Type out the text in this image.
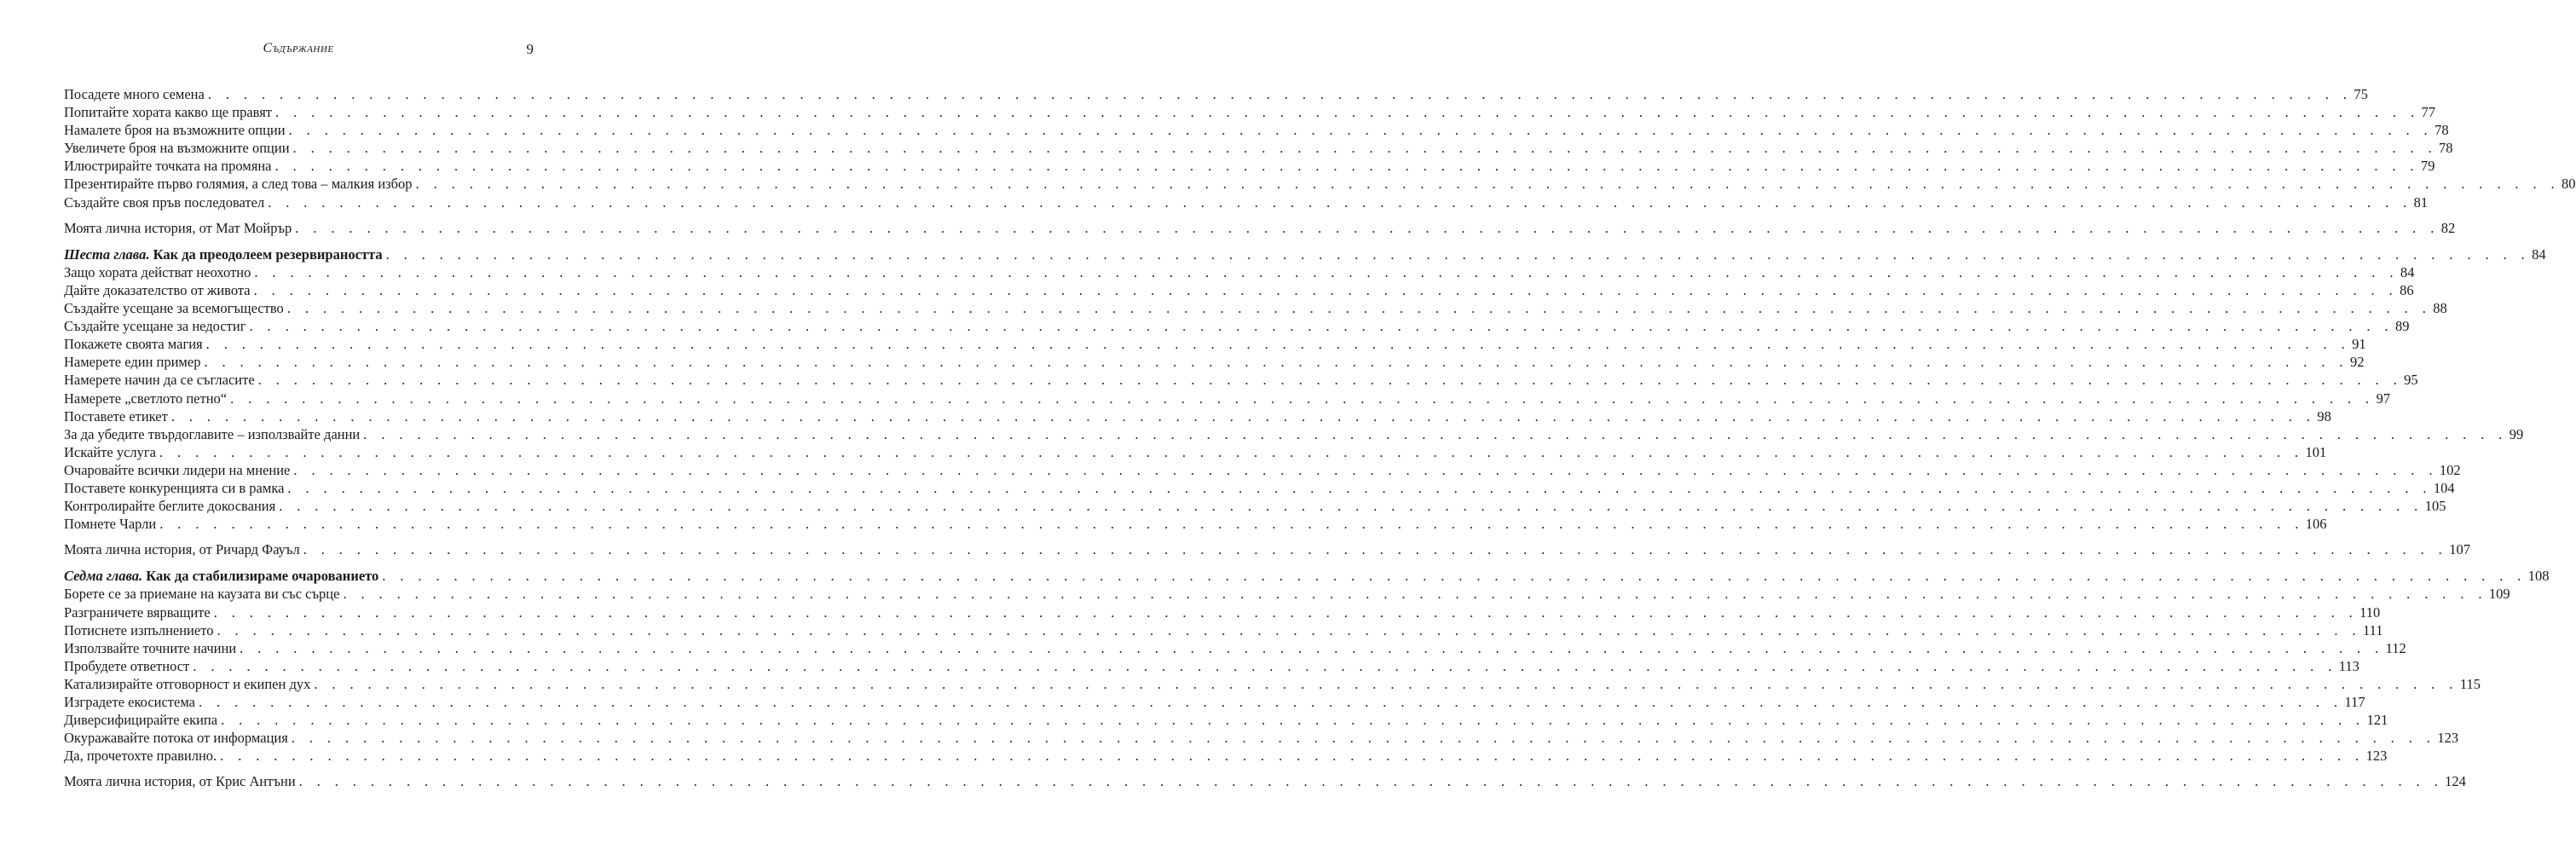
Съдържание	9
Посадете много семена . . . . . . . . . . . . . . . . . . . . . . . . . . . . . . . . . . . . . . . . . . . . . . . . . . . . . . . . . . . . . . . . . . . . . . . . . . . . . . . . . . . . . . . . . . . . . . . . . . . . . . . . . . . . . . . . . . . . . . . . 75
Попитайте хората какво ще правят . . . . . . . . . . . . . . . . . . . . . . . . . . . . . . . . . . . . . . . . . . . . . . . . . . . . . . . . . . . . . . . . . . . . . . . . . . . . . . . . . . . . . . . . . . . . . . . . . . . . . . . . . . . . . . . . . . . . . . . . 77
Намалете броя на възможните опции . . . . . . . . . . . . . . . . . . . . . . . . . . . . . . . . . . . . . . . . . . . . . . . . . . . . . . . . . . . . . . . . . . . . . . . . . . . . . . . . . . . . . . . . . . . . . . . . . . . . . . . . . . . . . . . . . . . . . . . . 78
Увеличете броя на възможните опции . . . . . . . . . . . . . . . . . . . . . . . . . . . . . . . . . . . . . . . . . . . . . . . . . . . . . . . . . . . . . . . . . . . . . . . . . . . . . . . . . . . . . . . . . . . . . . . . . . . . . . . . . . . . . . . . . . . . . . . . 78
Илюстрирайте точката на промяна . . . . . . . . . . . . . . . . . . . . . . . . . . . . . . . . . . . . . . . . . . . . . . . . . . . . . . . . . . . . . . . . . . . . . . . . . . . . . . . . . . . . . . . . . . . . . . . . . . . . . . . . . . . . . . . . . . . . . . . . 79
Презентирайте първо голямия, а след това – малкия избор . . . . . . . . . . . . . . . . . . . . . . . . . . . . . . . . . . . . . . . . . . . . . . . . . . . . . . . . . . . . . . . . . . . . . . . . . . . . . . . . . . . . . . . . . . . . . . . . . . . . . . . . . . . . . . . . . . . . . . . . 80
Създайте своя пръв последовател . . . . . . . . . . . . . . . . . . . . . . . . . . . . . . . . . . . . . . . . . . . . . . . . . . . . . . . . . . . . . . . . . . . . . . . . . . . . . . . . . . . . . . . . . . . . . . . . . . . . . . . . . . . . . . . . . . . . . . . . 81
Моята лична история, от Мат Мойрър . . . . . . . . . . . . . . . . . . . . . . . . . . . . . . . . . . . . . . . . . . . . . . . . . . . . . . . . . . . . . . . . . . . . . . . . . . . . . . . . . . . . . . . . . . . . . . . . . . . . . . . . . . . . . . . . . . . . . . . . 82
Шеста глава. Как да преодолеем резервираността . . . . . . . . . . . . . . . . . . . . . . . . . . . . . . . . . . . . . . . . . . . . . . . . . . . . . . . . . . . . . . . . . . . . . . . . . . . . . . . . . . . . . . . . . . . . . . . . . . . . . . . . . . . . . . . . . . . . . . . . 84
Защо хората действат неохотно . . . . . . . . . . . . . . . . . . . . . . . . . . . . . . . . . . . . . . . . . . . . . . . . . . . . . . . . . . . . . . . . . . . . . . . . . . . . . . . . . . . . . . . . . . . . . . . . . . . . . . . . . . . . . . . . . . . . . . . . 84
Дайте доказателство от живота . . . . . . . . . . . . . . . . . . . . . . . . . . . . . . . . . . . . . . . . . . . . . . . . . . . . . . . . . . . . . . . . . . . . . . . . . . . . . . . . . . . . . . . . . . . . . . . . . . . . . . . . . . . . . . . . . . . . . . . . 86
Създайте усещане за всемогъщество . . . . . . . . . . . . . . . . . . . . . . . . . . . . . . . . . . . . . . . . . . . . . . . . . . . . . . . . . . . . . . . . . . . . . . . . . . . . . . . . . . . . . . . . . . . . . . . . . . . . . . . . . . . . . . . . . . . . . . . . 88
Създайте усещане за недостиг . . . . . . . . . . . . . . . . . . . . . . . . . . . . . . . . . . . . . . . . . . . . . . . . . . . . . . . . . . . . . . . . . . . . . . . . . . . . . . . . . . . . . . . . . . . . . . . . . . . . . . . . . . . . . . . . . . . . . . . . 89
Покажете своята магия . . . . . . . . . . . . . . . . . . . . . . . . . . . . . . . . . . . . . . . . . . . . . . . . . . . . . . . . . . . . . . . . . . . . . . . . . . . . . . . . . . . . . . . . . . . . . . . . . . . . . . . . . . . . . . . . . . . . . . . . 91
Намерете един пример . . . . . . . . . . . . . . . . . . . . . . . . . . . . . . . . . . . . . . . . . . . . . . . . . . . . . . . . . . . . . . . . . . . . . . . . . . . . . . . . . . . . . . . . . . . . . . . . . . . . . . . . . . . . . . . . . . . . . . . . 92
Намерете начин да се съгласите . . . . . . . . . . . . . . . . . . . . . . . . . . . . . . . . . . . . . . . . . . . . . . . . . . . . . . . . . . . . . . . . . . . . . . . . . . . . . . . . . . . . . . . . . . . . . . . . . . . . . . . . . . . . . . . . . . . . . . . . 95
Намерете „светлото петно“ . . . . . . . . . . . . . . . . . . . . . . . . . . . . . . . . . . . . . . . . . . . . . . . . . . . . . . . . . . . . . . . . . . . . . . . . . . . . . . . . . . . . . . . . . . . . . . . . . . . . . . . . . . . . . . . . . . . . . . . . 97
Поставете етикет . . . . . . . . . . . . . . . . . . . . . . . . . . . . . . . . . . . . . . . . . . . . . . . . . . . . . . . . . . . . . . . . . . . . . . . . . . . . . . . . . . . . . . . . . . . . . . . . . . . . . . . . . . . . . . . . . . . . . . . . 98
За да убедите твърдоглавите – използвайте данни . . . . . . . . . . . . . . . . . . . . . . . . . . . . . . . . . . . . . . . . . . . . . . . . . . . . . . . . . . . . . . . . . . . . . . . . . . . . . . . . . . . . . . . . . . . . . . . . . . . . . . . . . . . . . . . . . . . . . . . . 99
Искайте услуга . . . . . . . . . . . . . . . . . . . . . . . . . . . . . . . . . . . . . . . . . . . . . . . . . . . . . . . . . . . . . . . . . . . . . . . . . . . . . . . . . . . . . . . . . . . . . . . . . . . . . . . . . . . . . . . . . . . . . . . . 101
Очаровайте всички лидери на мнение . . . . . . . . . . . . . . . . . . . . . . . . . . . . . . . . . . . . . . . . . . . . . . . . . . . . . . . . . . . . . . . . . . . . . . . . . . . . . . . . . . . . . . . . . . . . . . . . . . . . . . . . . . . . . . . . . . . . . . . . 102
Поставете конкуренцията си в рамка . . . . . . . . . . . . . . . . . . . . . . . . . . . . . . . . . . . . . . . . . . . . . . . . . . . . . . . . . . . . . . . . . . . . . . . . . . . . . . . . . . . . . . . . . . . . . . . . . . . . . . . . . . . . . . . . . . . . . . . . 104
Контролирайте беглите докосвания . . . . . . . . . . . . . . . . . . . . . . . . . . . . . . . . . . . . . . . . . . . . . . . . . . . . . . . . . . . . . . . . . . . . . . . . . . . . . . . . . . . . . . . . . . . . . . . . . . . . . . . . . . . . . . . . . . . . . . . . 105
Помнете Чарли . . . . . . . . . . . . . . . . . . . . . . . . . . . . . . . . . . . . . . . . . . . . . . . . . . . . . . . . . . . . . . . . . . . . . . . . . . . . . . . . . . . . . . . . . . . . . . . . . . . . . . . . . . . . . . . . . . . . . . . . 106
Моята лична история, от Ричард Фауъл . . . . . . . . . . . . . . . . . . . . . . . . . . . . . . . . . . . . . . . . . . . . . . . . . . . . . . . . . . . . . . . . . . . . . . . . . . . . . . . . . . . . . . . . . . . . . . . . . . . . . . . . . . . . . . . . . . . . . . . . 107
Седма глава. Как да стабилизираме очарованието . . . . . . . . . . . . . . . . . . . . . . . . . . . . . . . . . . . . . . . . . . . . . . . . . . . . . . . . . . . . . . . . . . . . . . . . . . . . . . . . . . . . . . . . . . . . . . . . . . . . . . . . . . . . . . . . . . . . . . . . 108
Борете се за приемане на каузата ви със сърце . . . . . . . . . . . . . . . . . . . . . . . . . . . . . . . . . . . . . . . . . . . . . . . . . . . . . . . . . . . . . . . . . . . . . . . . . . . . . . . . . . . . . . . . . . . . . . . . . . . . . . . . . . . . . . . . . . . . . . . . 109
Разграничете вярващите . . . . . . . . . . . . . . . . . . . . . . . . . . . . . . . . . . . . . . . . . . . . . . . . . . . . . . . . . . . . . . . . . . . . . . . . . . . . . . . . . . . . . . . . . . . . . . . . . . . . . . . . . . . . . . . . . . . . . . . . 110
Потиснете изпълнението . . . . . . . . . . . . . . . . . . . . . . . . . . . . . . . . . . . . . . . . . . . . . . . . . . . . . . . . . . . . . . . . . . . . . . . . . . . . . . . . . . . . . . . . . . . . . . . . . . . . . . . . . . . . . . . . . . . . . . . . 111
Използвайте точните начини . . . . . . . . . . . . . . . . . . . . . . . . . . . . . . . . . . . . . . . . . . . . . . . . . . . . . . . . . . . . . . . . . . . . . . . . . . . . . . . . . . . . . . . . . . . . . . . . . . . . . . . . . . . . . . . . . . . . . . . . 112
Пробудете ответност . . . . . . . . . . . . . . . . . . . . . . . . . . . . . . . . . . . . . . . . . . . . . . . . . . . . . . . . . . . . . . . . . . . . . . . . . . . . . . . . . . . . . . . . . . . . . . . . . . . . . . . . . . . . . . . . . . . . . . . . 113
Катализирайте отговорност и екипен дух . . . . . . . . . . . . . . . . . . . . . . . . . . . . . . . . . . . . . . . . . . . . . . . . . . . . . . . . . . . . . . . . . . . . . . . . . . . . . . . . . . . . . . . . . . . . . . . . . . . . . . . . . . . . . . . . . . . . . . . . 115
Изградете екосистема . . . . . . . . . . . . . . . . . . . . . . . . . . . . . . . . . . . . . . . . . . . . . . . . . . . . . . . . . . . . . . . . . . . . . . . . . . . . . . . . . . . . . . . . . . . . . . . . . . . . . . . . . . . . . . . . . . . . . . . . 117
Диверсифицирайте екипа . . . . . . . . . . . . . . . . . . . . . . . . . . . . . . . . . . . . . . . . . . . . . . . . . . . . . . . . . . . . . . . . . . . . . . . . . . . . . . . . . . . . . . . . . . . . . . . . . . . . . . . . . . . . . . . . . . . . . . . . 121
Окуражавайте потока от информация . . . . . . . . . . . . . . . . . . . . . . . . . . . . . . . . . . . . . . . . . . . . . . . . . . . . . . . . . . . . . . . . . . . . . . . . . . . . . . . . . . . . . . . . . . . . . . . . . . . . . . . . . . . . . . . . . . . . . . . . 123
Да, прочетохте правилно. . . . . . . . . . . . . . . . . . . . . . . . . . . . . . . . . . . . . . . . . . . . . . . . . . . . . . . . . . . . . . . . . . . . . . . . . . . . . . . . . . . . . . . . . . . . . . . . . . . . . . . . . . . . . . . . . . . . . . . . . 123
Моята лична история, от Крис Антъни . . . . . . . . . . . . . . . . . . . . . . . . . . . . . . . . . . . . . . . . . . . . . . . . . . . . . . . . . . . . . . . . . . . . . . . . . . . . . . . . . . . . . . . . . . . . . . . . . . . . . . . . . . . . . . . . . . . . . . . . 124
